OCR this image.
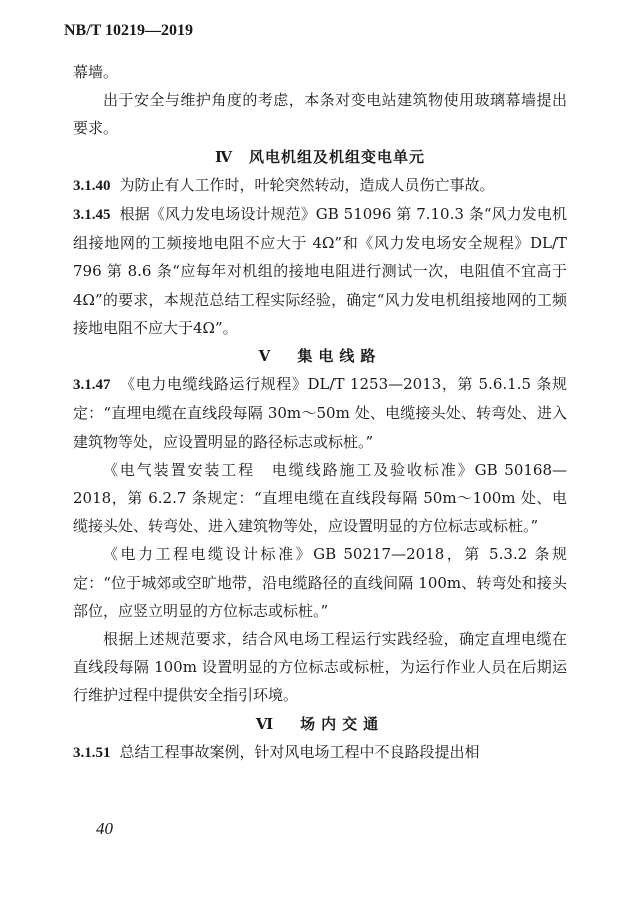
NB/T 10219—2019

幕墙。

出于安全与维护角度的考虑，本条对变电站建筑物使用玻璃幕墙提出要求。

Ⅳ  风电机组及机组变电单元

3.1.40 为防止有人工作时，叶轮突然转动，造成人员伤亡事故。

3.1.45 根据《风力发电场设计规范》GB 51096 第 7.10.3 条“风力发电机组接地网的工频接地电阻不应大于 4Ω”和《风力发电场安全规程》DL/T 796 第 8.6 条“应每年对机组的接地电阻进行测试一次，电阻值不宜高于 4Ω”的要求，本规范总结工程实际经验，确定“风力发电机组接地网的工频接地电阻不应大于4Ω”。

Ⅴ  集电线路

3.1.47 《电力电缆线路运行规程》DL/T 1253—2013，第 5.6.1.5 条规定：“直埋电缆在直线段每隔 30m～50m 处、电缆接头处、转弯处、进入建筑物等处，应设置明显的路径标志或标桩。”

《电气装置安装工程　电缆线路施工及验收标准》GB 50168—2018，第 6.2.7 条规定：“直埋电缆在直线段每隔 50m～100m 处、电缆接头处、转弯处、进入建筑物等处，应设置明显的方位标志或标桩。”

《电力工程电缆设计标准》GB 50217—2018，第 5.3.2 条规定：“位于城郊或空旷地带，沿电缆路径的直线间隔 100m、转弯处和接头部位，应竖立明显的方位标志或标桩。”

根据上述规范要求，结合风电场工程运行实践经验，确定直埋电缆在直线段每隔 100m 设置明显的方位标志或标桩，为运行作业人员在后期运行维护过程中提供安全指引环境。

Ⅵ  场内交通

3.1.51 总结工程事故案例，针对风电场工程中不良路段提出相

40
